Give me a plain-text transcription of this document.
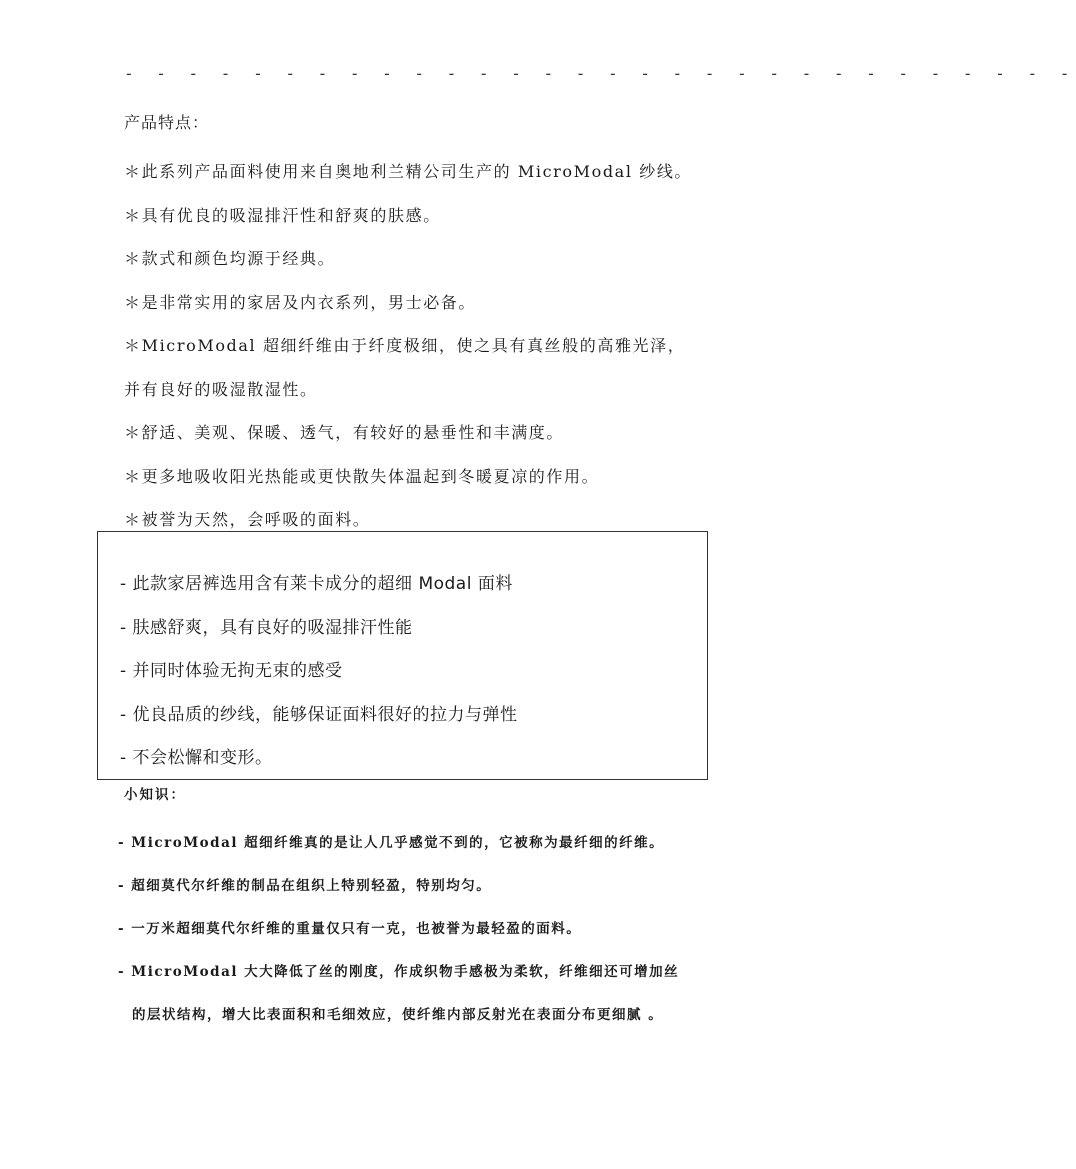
- - - - - - - - - - - - - - - - - - - - - - - - - - - - - -
产品特点：
＊此系列产品面料使用来自奥地利兰精公司生产的 MicroModal 纱线。
＊具有优良的吸湿排汗性和舒爽的肤感。
＊款式和颜色均源于经典。
＊是非常实用的家居及内衣系列，男士必备。
＊MicroModal 超细纤维由于纤度极细，使之具有真丝般的高雅光泽，
并有良好的吸湿散湿性。
＊舒适、美观、保暖、透气，有较好的悬垂性和丰满度。
＊更多地吸收阳光热能或更快散失体温起到冬暖夏凉的作用。
＊被誉为天然，会呼吸的面料。
- 此款家居裤选用含有莱卡成分的超细 Modal 面料
- 肤感舒爽，具有良好的吸湿排汗性能
- 并同时体验无拘无束的感受
- 优良品质的纱线，能够保证面料很好的拉力与弹性
- 不会松懈和变形。
小知识：
- MicroModal 超细纤维真的是让人几乎感觉不到的，它被称为最纤细的纤维。
- 超细莫代尔纤维的制品在组织上特别轻盈，特别均匀。
- 一万米超细莫代尔纤维的重量仅只有一克，也被誉为最轻盈的面料。
- MicroModal 大大降低了丝的刚度，作成织物手感极为柔软，纤维细还可增加丝
的层状结构，增大比表面积和毛细效应，使纤维内部反射光在表面分布更细腻 。
